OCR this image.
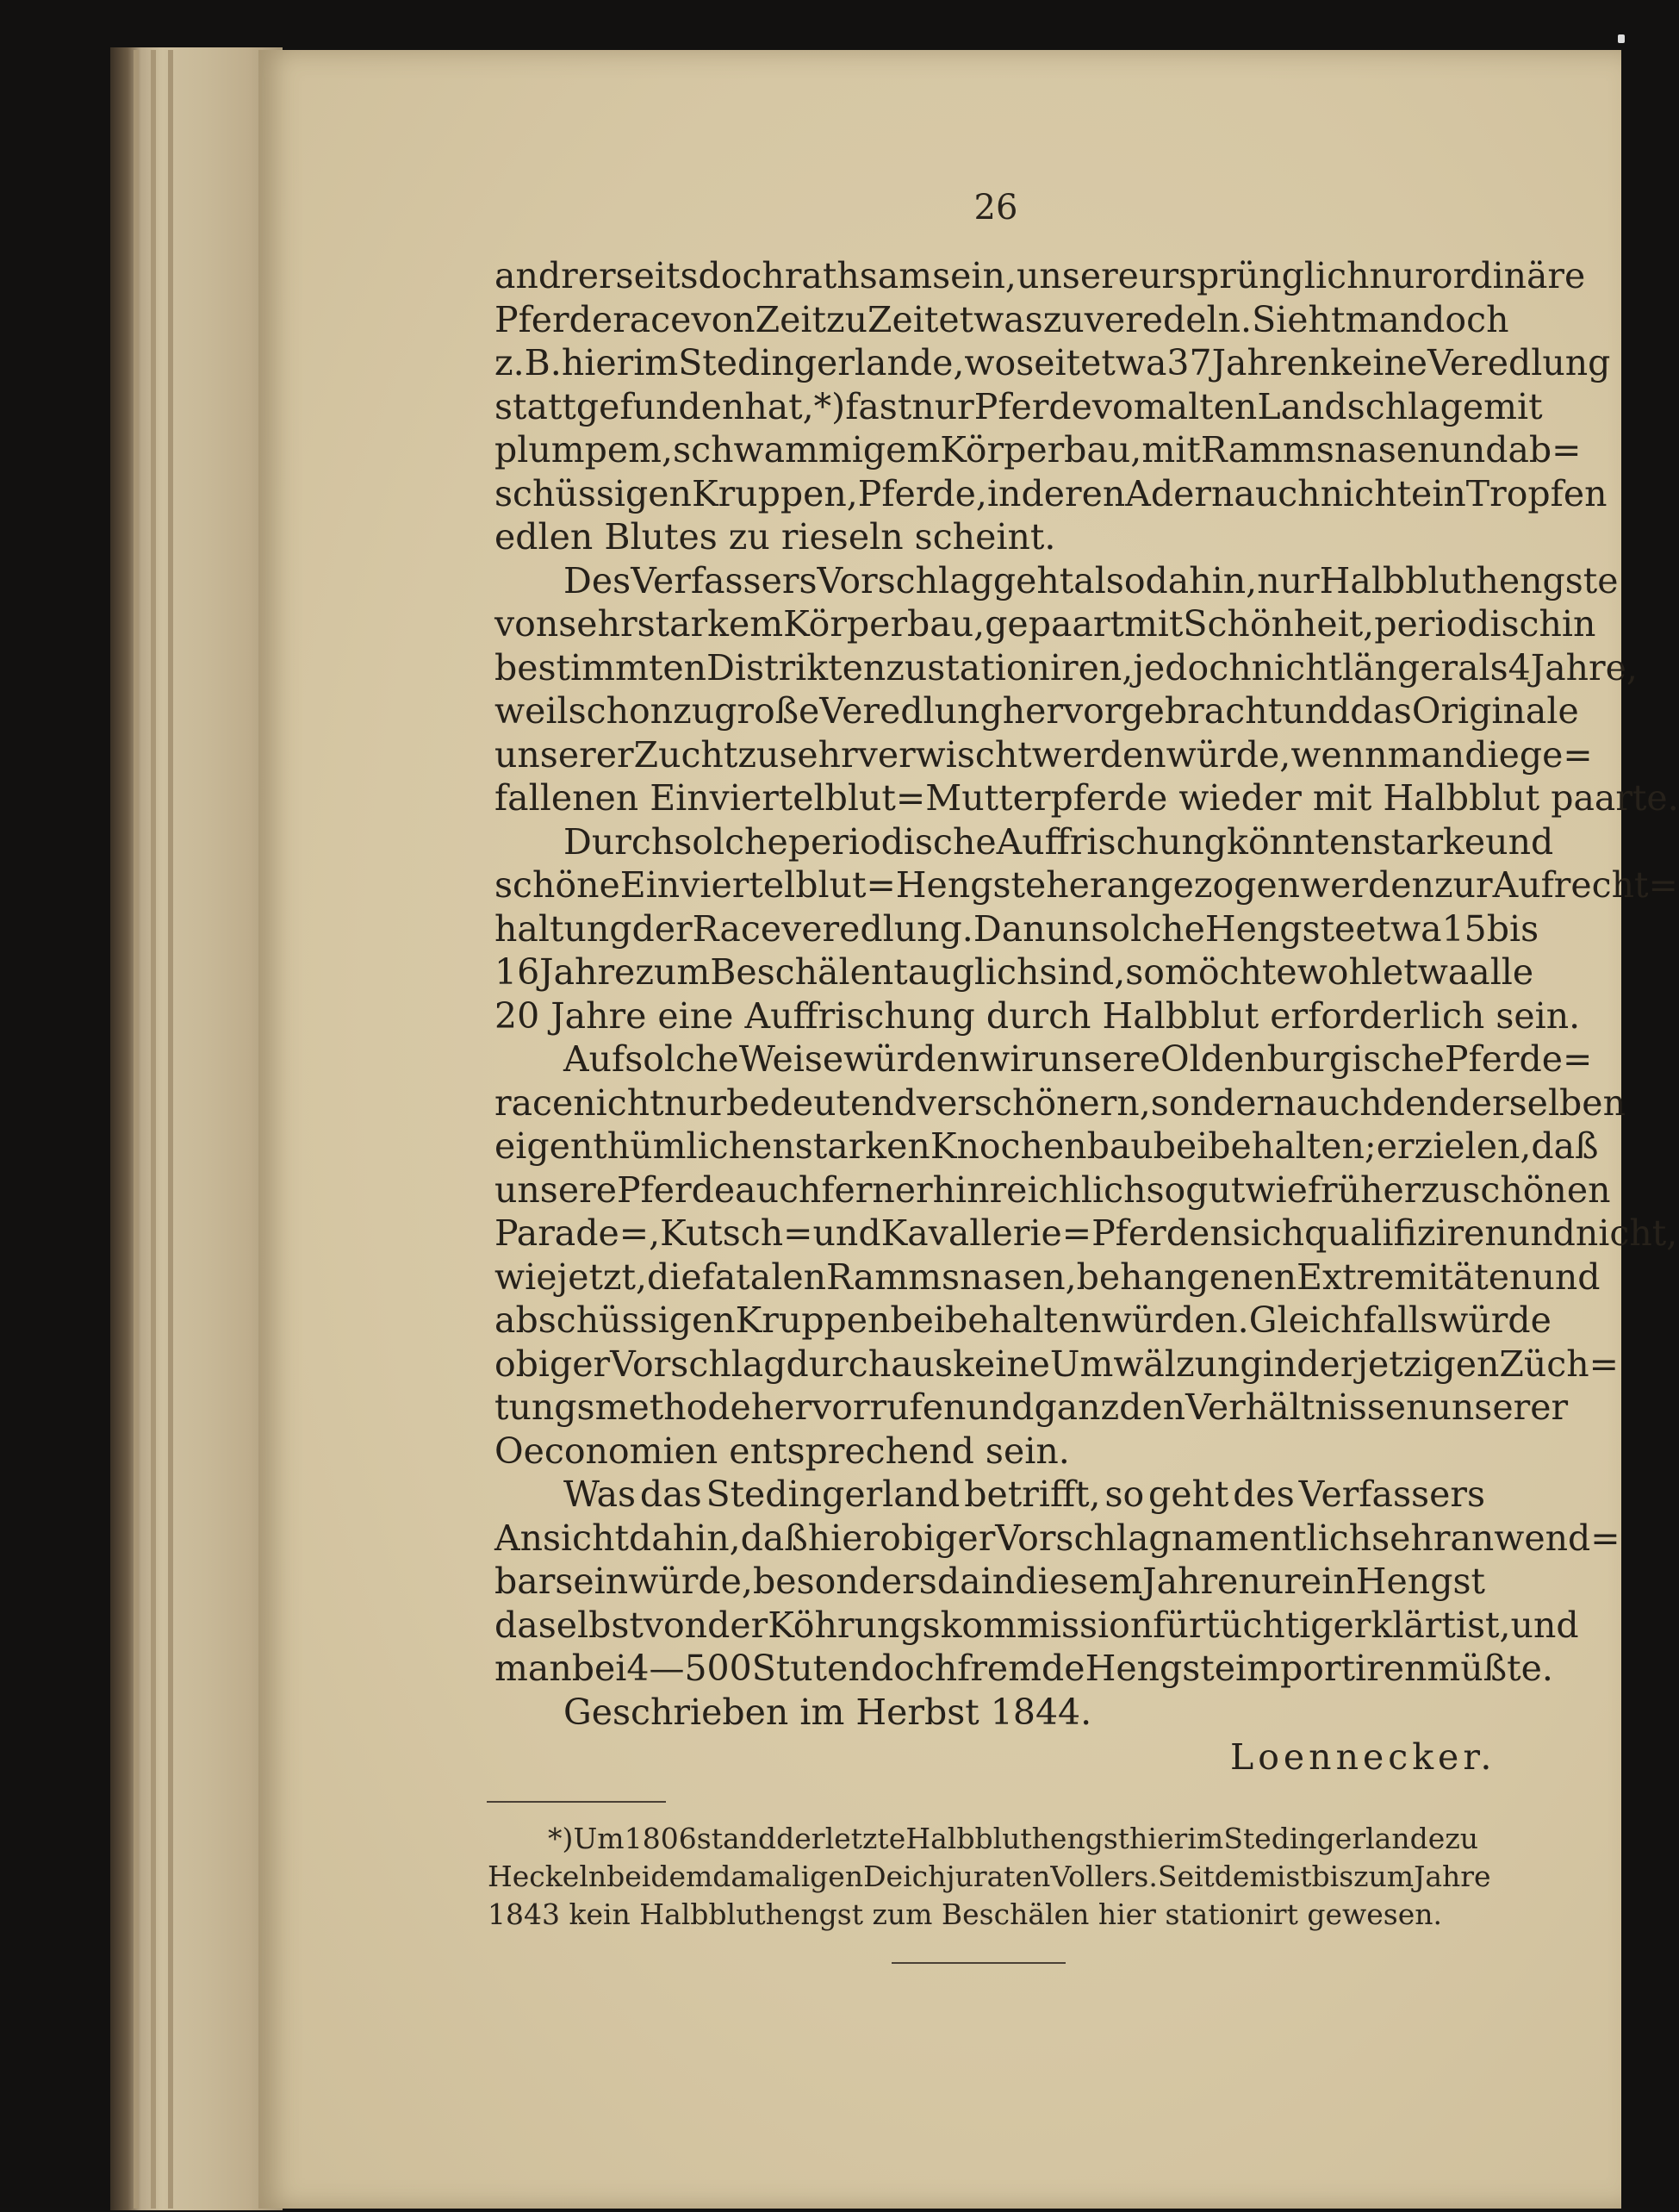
26
andrerseits doch rathsam sein, unsere ursprünglich nur ordinäre
Pferderace von Zeit zu Zeit etwas zu veredeln. Sieht man doch
z. B. hier im Stedingerlande, wo seit etwa 37 Jahren keine Veredlung
stattgefunden hat,*) fast nur Pferde vom alten Landschlage mit
plumpem, schwammigem Körperbau, mit Rammsnasen und ab=
schüssigen Kruppen, Pferde, in deren Adern auch nicht ein Tropfen
edlen Blutes zu rieseln scheint.
Des Verfassers Vorschlag geht also dahin, nur Halbbluthengste
von sehr starkem Körperbau, gepaart mit Schönheit, periodisch in
bestimmten Distrikten zu stationiren, jedoch nicht länger als 4 Jahre,
weil schon zu große Veredlung hervorgebracht und das Originale
unserer Zucht zu sehr verwischt werden würde, wenn man die ge=
fallenen Einviertelblut=Mutterpferde wieder mit Halbblut paarte.
Durch solche periodische Auffrischung könnten starke und
schöne Einviertelblut=Hengste herangezogen werden zur Aufrecht=
haltung der Raceveredlung. Da nun solche Hengste etwa 15 bis
16 Jahre zum Beschälen tauglich sind, so möchte wohl etwa alle
20 Jahre eine Auffrischung durch Halbblut erforderlich sein.
Auf solche Weise würden wir unsere Oldenburgische Pferde=
race nicht nur bedeutend verschönern, sondern auch den derselben
eigenthümlichen starken Knochenbau beibehalten; erzielen, daß
unsere Pferde auch fernerhin reichlich so gut wie früher zu schönen
Parade=, Kutsch= und Kavallerie=Pferden sich qualifiziren und nicht,
wie jetzt, die fatalen Rammsnasen, behangenen Extremitäten und
abschüssigen Kruppen beibehalten würden. Gleichfalls würde
obiger Vorschlag durchaus keine Umwälzung in der jetzigen Züch=
tungsmethode hervorrufen und ganz den Verhältnissen unserer
Oeconomien entsprechend sein.
Was das Stedingerland betrifft, so geht des Verfassers
Ansicht dahin, daß hier obiger Vorschlag namentlich sehr anwend=
bar sein würde, besonders da in diesem Jahre nur ein Hengst
daselbst von der Köhrungskommission für tüchtig erklärt ist, und
man bei 4—500 Stuten doch fremde Hengste importiren müßte.
Geschrieben im Herbst 1844.
Loennecker.
*) Um 1806 stand der letzte Halbbluthengst hier im Stedingerlande zu
Heckeln bei dem damaligen Deichjuraten Vollers. Seitdem ist bis zum Jahre
1843 kein Halbbluthengst zum Beschälen hier stationirt gewesen.
